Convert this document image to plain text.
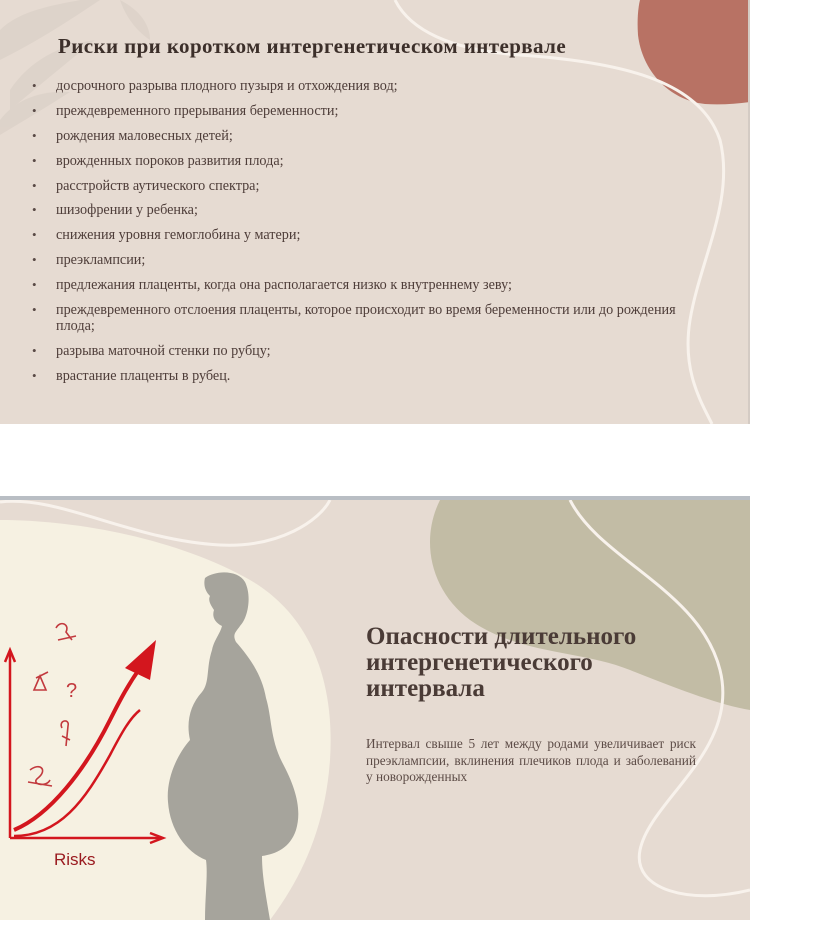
Риски при коротком интергенетическом интервале
• досрочного разрыва плодного пузыря и отхождения вод;
• преждевременного прерывания беременности;
• рождения маловесных детей;
• врожденных пороков развития плода;
• расстройств аутического спектра;
• шизофрении у ребенка;
• снижения уровня гемоглобина у матери;
• преэклампсии;
• предлежания плаценты, когда она располагается низко к внутреннему зеву;
• преждевременного отслоения плаценты, которое происходит во время беременности или до рождения плода;
• разрыва маточной стенки по рубцу;
• врастание плаценты в рубец.
?
Опасности длительного интергенетического интервала

Интервал свыше 5 лет между родами увеличивает риск преэклампсии, вклинения плечиков плода и заболеваний у новорожденных

Risks
